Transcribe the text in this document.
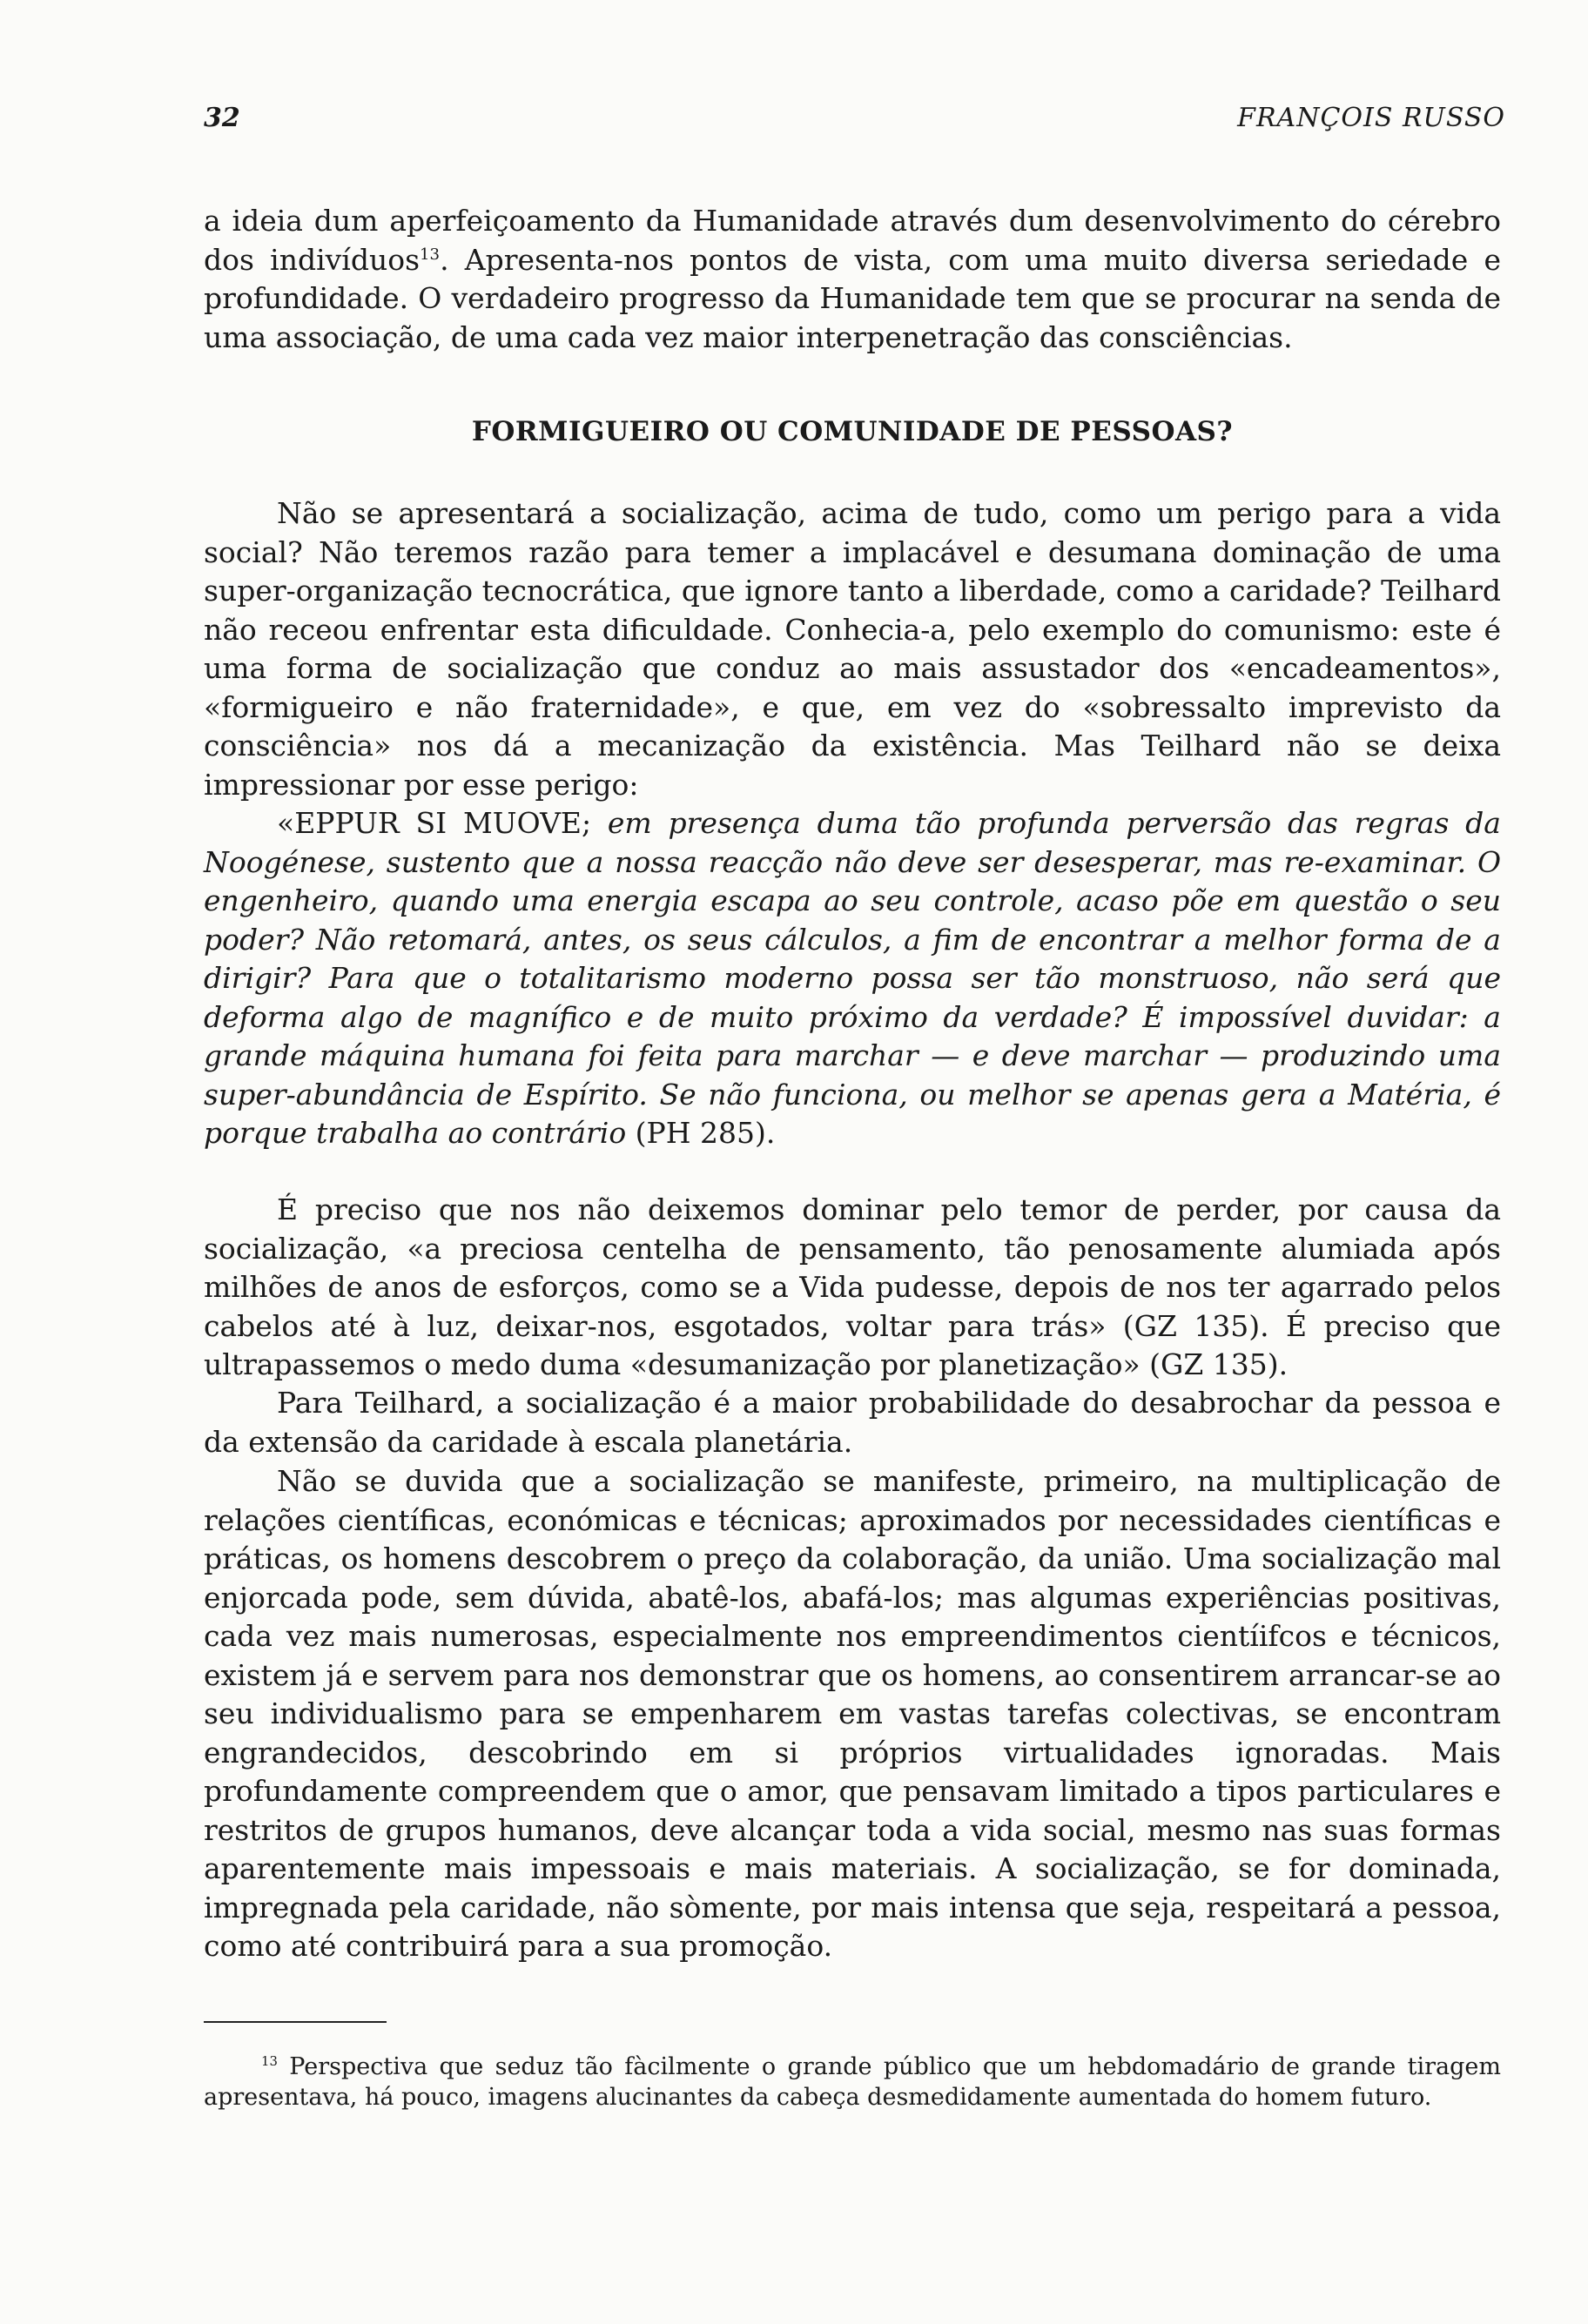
32	FRANÇOIS RUSSO

a ideia dum aperfeiçoamento da Humanidade através dum desenvolvimento do cérebro dos indivíduos$^{13}$. Apresenta-nos pontos de vista, com uma muito diversa seriedade e profundidade. O verdadeiro progresso da Humanidade tem que se procurar na senda de uma associação, de uma cada vez maior interpenetração das consciências.

FORMIGUEIRO OU COMUNIDADE DE PESSOAS?

Não se apresentará a socialização, acima de tudo, como um perigo para a vida social? Não teremos razão para temer a implacável e desumana dominação de uma super-organização tecnocrática, que ignore tanto a liberdade, como a caridade? Teilhard não receou enfrentar esta dificuldade. Conhecia-a, pelo exemplo do comunismo: este é uma forma de socialização que conduz ao mais assustador dos «encadeamentos», «formigueiro e não fraternidade», e que, em vez do «sobressalto imprevisto da consciência» nos dá a mecanização da existência. Mas Teilhard não se deixa impressionar por esse perigo:

«EPPUR SI MUOVE; em presença duma tão profunda perversão das regras da Noogénese, sustento que a nossa reacção não deve ser desesperar, mas re-examinar. O engenheiro, quando uma energia escapa ao seu controle, acaso põe em questão o seu poder? Não retomará, antes, os seus cálculos, a fim de encontrar a melhor forma de a dirigir? Para que o totalitarismo moderno possa ser tão monstruoso, não será que deforma algo de magnífico e de muito próximo da verdade? É impossível duvidar: a grande máquina humana foi feita para marchar — e deve marchar — produzindo uma super-abundância de Espírito. Se não funciona, ou melhor se apenas gera a Matéria, é porque trabalha ao contrário (PH 285).

É preciso que nos não deixemos dominar pelo temor de perder, por causa da socialização, «a preciosa centelha de pensamento, tão penosamente alumiada após milhões de anos de esforços, como se a Vida pudesse, depois de nos ter agarrado pelos cabelos até à luz, deixar-nos, esgotados, voltar para trás» (GZ 135). É preciso que ultrapassemos o medo duma «desumanização por planetização» (GZ 135).

Para Teilhard, a socialização é a maior probabilidade do desabrochar da pessoa e da extensão da caridade à escala planetária.

Não se duvida que a socialização se manifeste, primeiro, na multiplicação de relações científicas, económicas e técnicas; aproximados por necessidades científicas e práticas, os homens descobrem o preço da colaboração, da união. Uma socialização mal enjorcada pode, sem dúvida, abatê-los, abafá-los; mas algumas experiências positivas, cada vez mais numerosas, especialmente nos empreendimentos cientíifcos e técnicos, existem já e servem para nos demonstrar que os homens, ao consentirem arrancar-se ao seu individualismo para se empenharem em vastas tarefas colectivas, se encontram engrandecidos, descobrindo em si próprios virtualidades ignoradas. Mais profundamente compreendem que o amor, que pensavam limitado a tipos particulares e restritos de grupos humanos, deve alcançar toda a vida social, mesmo nas suas formas aparentemente mais impessoais e mais materiais. A socialização, se for dominada, impregnada pela caridade, não sòmente, por mais intensa que seja, respeitará a pessoa, como até contribuirá para a sua promoção.

$^{13}$ Perspectiva que seduz tão fàcilmente o grande público que um hebdomadário de grande tiragem apresentava, há pouco, imagens alucinantes da cabeça desmedidamente aumentada do homem futuro.
